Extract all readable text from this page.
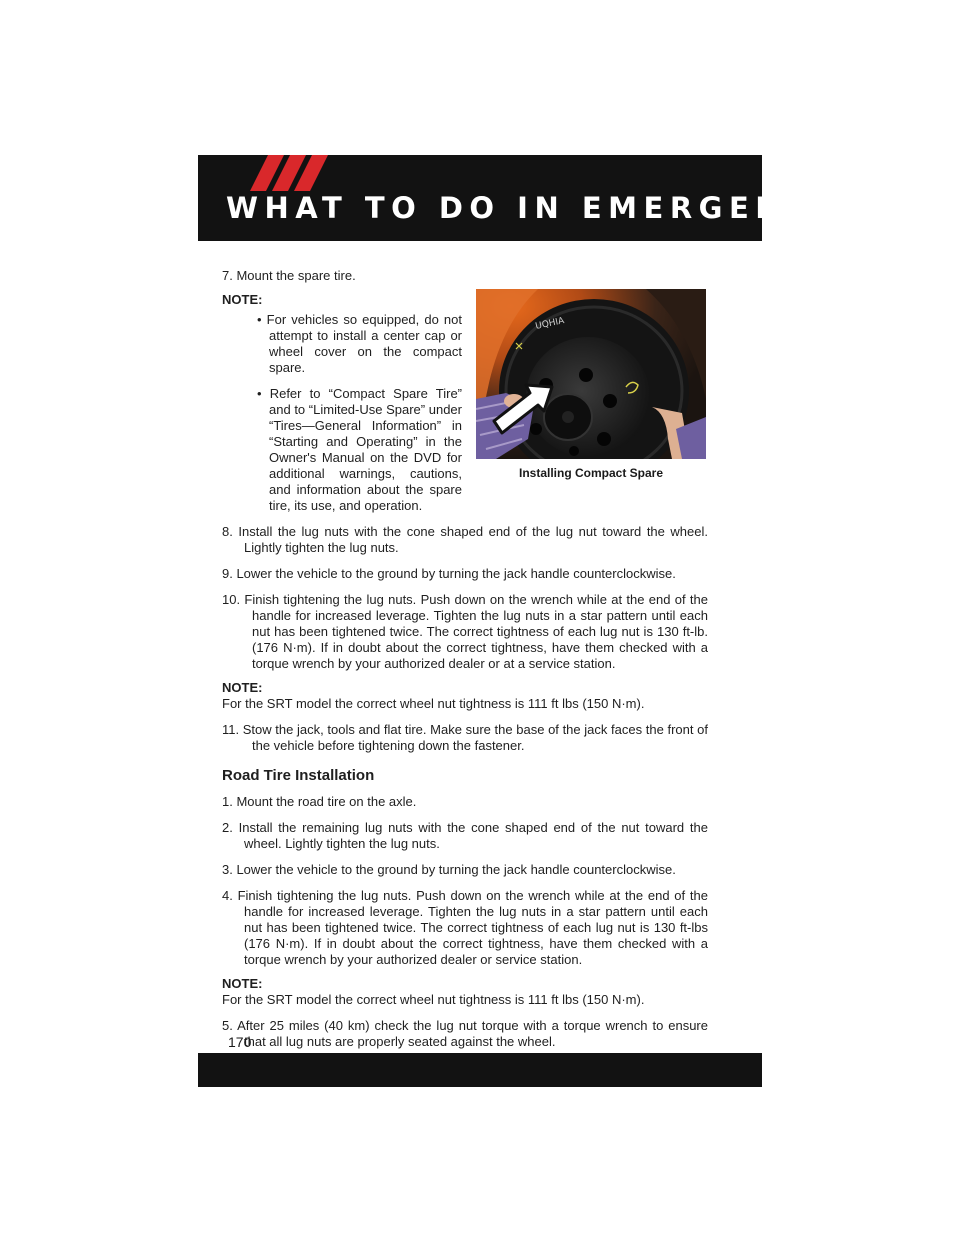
WHAT TO DO IN EMERGENCIES

7. Mount the spare tire.

NOTE:

• For vehicles so equipped, do not attempt to install a center cap or wheel cover on the compact spare.

• Refer to “Compact Spare Tire” and to “Limited-Use Spare” under “Tires—General Information” in “Starting and Operating” in the Owner's Manual on the DVD for additional warnings, cautions, and information about the spare tire, its use, and operation.

8. Install the lug nuts with the cone shaped end of the lug nut toward the wheel. Lightly tighten the lug nuts.

9. Lower the vehicle to the ground by turning the jack handle counterclockwise.

10. Finish tightening the lug nuts. Push down on the wrench while at the end of the handle for increased leverage. Tighten the lug nuts in a star pattern until each nut has been tightened twice. The correct tightness of each lug nut is 130 ft-lb. (176 N·m). If in doubt about the correct tightness, have them checked with a torque wrench by your authorized dealer or at a service station.

NOTE:

For the SRT model the correct wheel nut tightness is 111 ft lbs (150 N·m).

11. Stow the jack, tools and flat tire. Make sure the base of the jack faces the front of the vehicle before tightening down the fastener.

Road Tire Installation

1. Mount the road tire on the axle.

2. Install the remaining lug nuts with the cone shaped end of the nut toward the wheel. Lightly tighten the lug nuts.

3. Lower the vehicle to the ground by turning the jack handle counterclockwise.

4. Finish tightening the lug nuts. Push down on the wrench while at the end of the handle for increased leverage. Tighten the lug nuts in a star pattern until each nut has been tightened twice. The correct tightness of each lug nut is 130 ft-lbs (176 N·m). If in doubt about the correct tightness, have them checked with a torque wrench by your authorized dealer or service station.

NOTE:

For the SRT model the correct wheel nut tightness is 111 ft lbs (150 N·m).

5. After 25 miles (40 km) check the lug nut torque with a torque wrench to ensure that all lug nuts are properly seated against the wheel.

UQHIA

Installing Compact Spare

170
